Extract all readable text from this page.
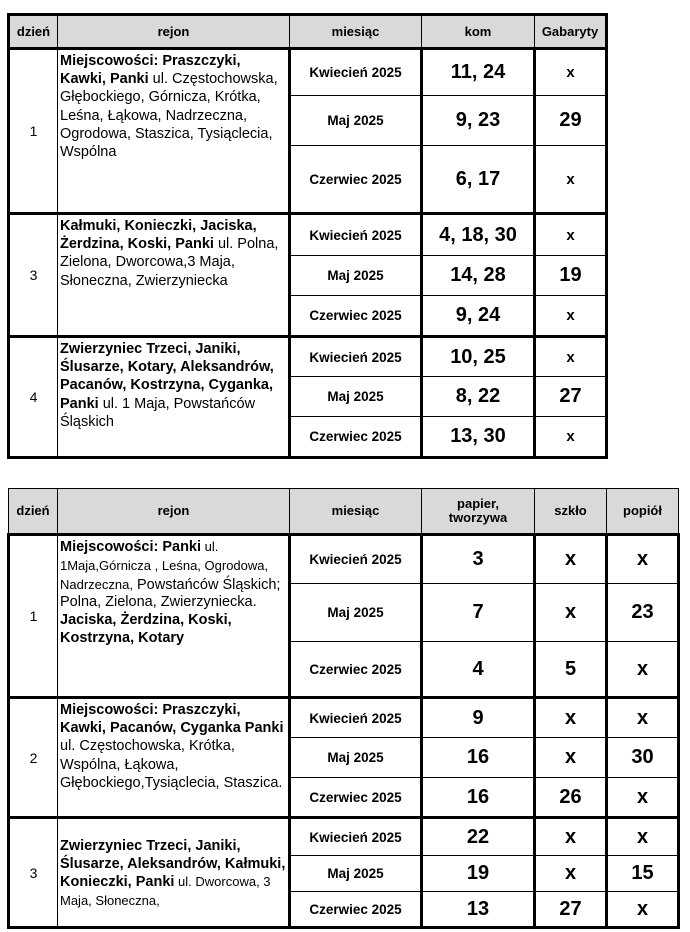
dzień	rejon	miesiąc	kom	Gabaryty
1	Miejscowości: Praszczyki, Kawki, Panki ul. Częstochowska, Głębockiego, Górnicza, Krótka, Leśna, Łąkowa, Nadrzeczna, Ogrodowa, Staszica, Tysiąclecia, Wspólna	Kwiecień 2025	11, 24	x
		Maj 2025	9, 23	29
		Czerwiec 2025	6, 17	x
3	Kałmuki, Konieczki, Jaciska, Żerdzina, Koski, Panki ul. Polna, Zielona, Dworcowa,3 Maja, Słoneczna, Zwierzyniecka	Kwiecień 2025	4, 18, 30	x
		Maj 2025	14, 28	19
		Czerwiec 2025	9, 24	x
4	Zwierzyniec Trzeci, Janiki, Ślusarze, Kotary, Aleksandrów, Pacanów, Kostrzyna, Cyganka, Panki ul. 1 Maja, Powstańców Śląskich	Kwiecień 2025	10, 25	x
		Maj 2025	8, 22	27
		Czerwiec 2025	13, 30	x
dzień	rejon	miesiąc	papier, tworzywa	szkło	popiół
1	Miejscowości: Panki ul. 1Maja,Górnicza , Leśna, Ogrodowa, Nadrzeczna, Powstańców Śląskich; Polna, Zielona, Zwierzyniecka. Jaciska, Żerdzina, Koski, Kostrzyna, Kotary	Kwiecień 2025	3	x	x
		Maj 2025	7	x	23
		Czerwiec 2025	4	5	x
2	Miejscowości: Praszczyki, Kawki, Pacanów, Cyganka Panki ul. Częstochowska, Krótka, Wspólna, Łąkowa, Głębockiego,Tysiąclecia, Staszica.	Kwiecień 2025	9	x	x
		Maj 2025	16	x	30
		Czerwiec 2025	16	26	x
3	Zwierzyniec Trzeci, Janiki, Ślusarze, Aleksandrów, Kałmuki, Konieczki, Panki ul. Dworcowa, 3 Maja, Słoneczna,	Kwiecień 2025	22	x	x
		Maj 2025	19	x	15
		Czerwiec 2025	13	27	x
